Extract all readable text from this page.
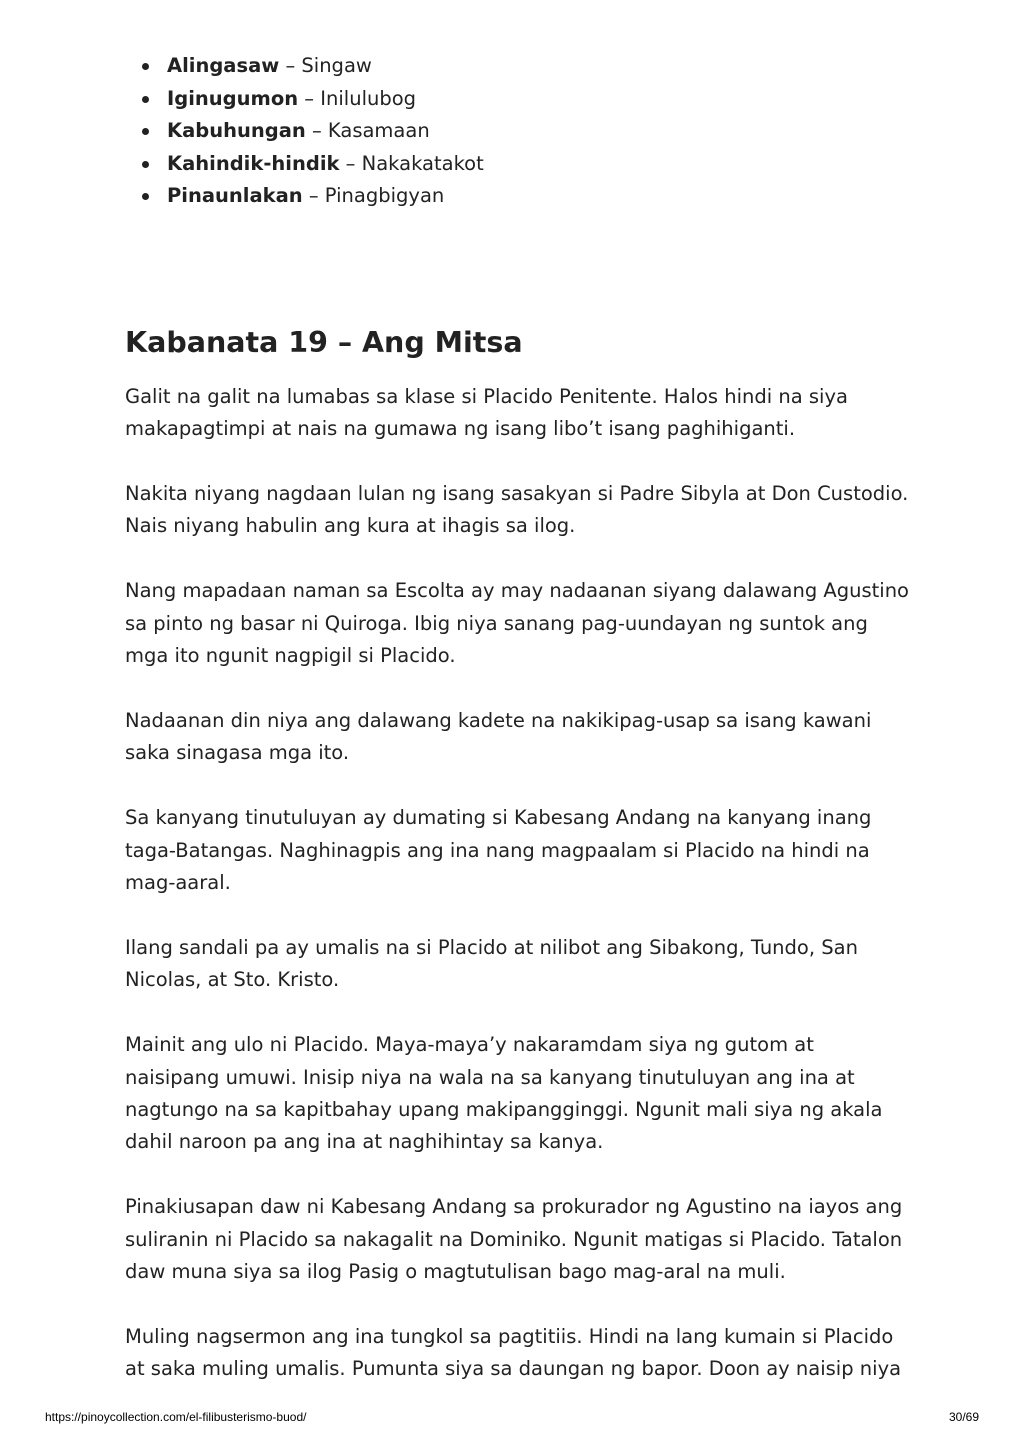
Alingasaw – Singaw
Iginugumon – Inilulubog
Kabuhungan – Kasamaan
Kahindik-hindik – Nakakatakot
Pinaunlakan – Pinagbigyan
Kabanata 19 – Ang Mitsa

Galit na galit na lumabas sa klase si Placido Penitente. Halos hindi na siya

makapagtimpi at nais na gumawa ng isang libo’t isang paghihiganti.

Nakita niyang nagdaan lulan ng isang sasakyan si Padre Sibyla at Don Custodio.

Nais niyang habulin ang kura at ihagis sa ilog.

Nang mapadaan naman sa Escolta ay may nadaanan siyang dalawang Agustino

sa pinto ng basar ni Quiroga. Ibig niya sanang pag-uundayan ng suntok ang

mga ito ngunit nagpigil si Placido.

Nadaanan din niya ang dalawang kadete na nakikipag-usap sa isang kawani

saka sinagasa mga ito.

Sa kanyang tinutuluyan ay dumating si Kabesang Andang na kanyang inang

taga-Batangas. Naghinagpis ang ina nang magpaalam si Placido na hindi na

mag-aaral.

Ilang sandali pa ay umalis na si Placido at nilibot ang Sibakong, Tundo, San

Nicolas, at Sto. Kristo.

Mainit ang ulo ni Placido. Maya-maya’y nakaramdam siya ng gutom at

naisipang umuwi. Inisip niya na wala na sa kanyang tinutuluyan ang ina at

nagtungo na sa kapitbahay upang makipangginggi. Ngunit mali siya ng akala

dahil naroon pa ang ina at naghihintay sa kanya.

Pinakiusapan daw ni Kabesang Andang sa prokurador ng Agustino na iayos ang

suliranin ni Placido sa nakagalit na Dominiko. Ngunit matigas si Placido. Tatalon

daw muna siya sa ilog Pasig o magtutulisan bago mag-aral na muli.

Muling nagsermon ang ina tungkol sa pagtitiis. Hindi na lang kumain si Placido

at saka muling umalis. Pumunta siya sa daungan ng bapor. Doon ay naisip niya

https://pinoycollection.com/el-filibusterismo-buod/	30/69
